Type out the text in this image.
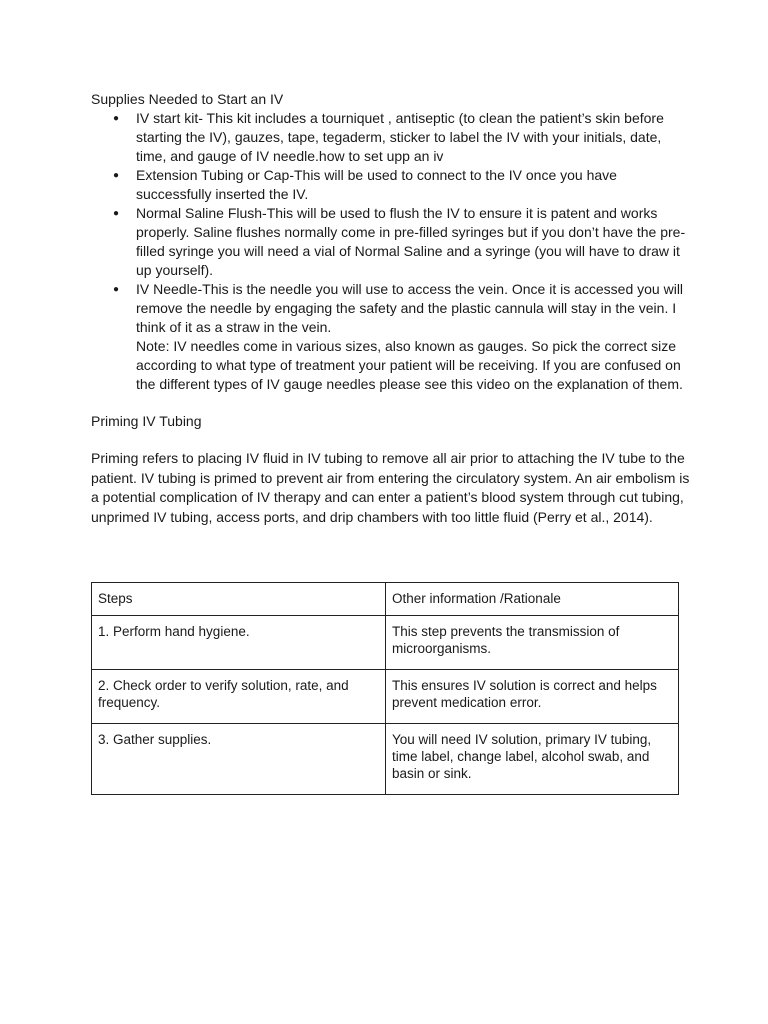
Supplies Needed to Start an IV

● IV start kit- This kit includes a tourniquet , antiseptic (to clean the patient’s skin before starting the IV), gauzes, tape, tegaderm, sticker to label the IV with your initials, date, time, and gauge of IV needle.how to set upp an iv
● Extension Tubing or Cap-This will be used to connect to the IV once you have successfully inserted the IV.
● Normal Saline Flush-This will be used to flush the IV to ensure it is patent and works properly. Saline flushes normally come in pre-filled syringes but if you don’t have the pre-filled syringe you will need a vial of Normal Saline and a syringe (you will have to draw it up yourself).
● IV Needle-This is the needle you will use to access the vein. Once it is accessed you will remove the needle by engaging the safety and the plastic cannula will stay in the vein. I think of it as a straw in the vein.
Note: IV needles come in various sizes, also known as gauges. So pick the correct size according to what type of treatment your patient will be receiving. If you are confused on the different types of IV gauge needles please see this video on the explanation of them.

Priming IV Tubing

Priming refers to placing IV fluid in IV tubing to remove all air prior to attaching the IV tube to the patient. IV tubing is primed to prevent air from entering the circulatory system. An air embolism is a potential complication of IV therapy and can enter a patient’s blood system through cut tubing, unprimed IV tubing, access ports, and drip chambers with too little fluid (Perry et al., 2014).

Steps	Other information /Rationale
1. Perform hand hygiene.	This step prevents the transmission of microorganisms.
2. Check order to verify solution, rate, and frequency.	This ensures IV solution is correct and helps prevent medication error.
3. Gather supplies.	You will need IV solution, primary IV tubing, time label, change label, alcohol swab, and basin or sink.
